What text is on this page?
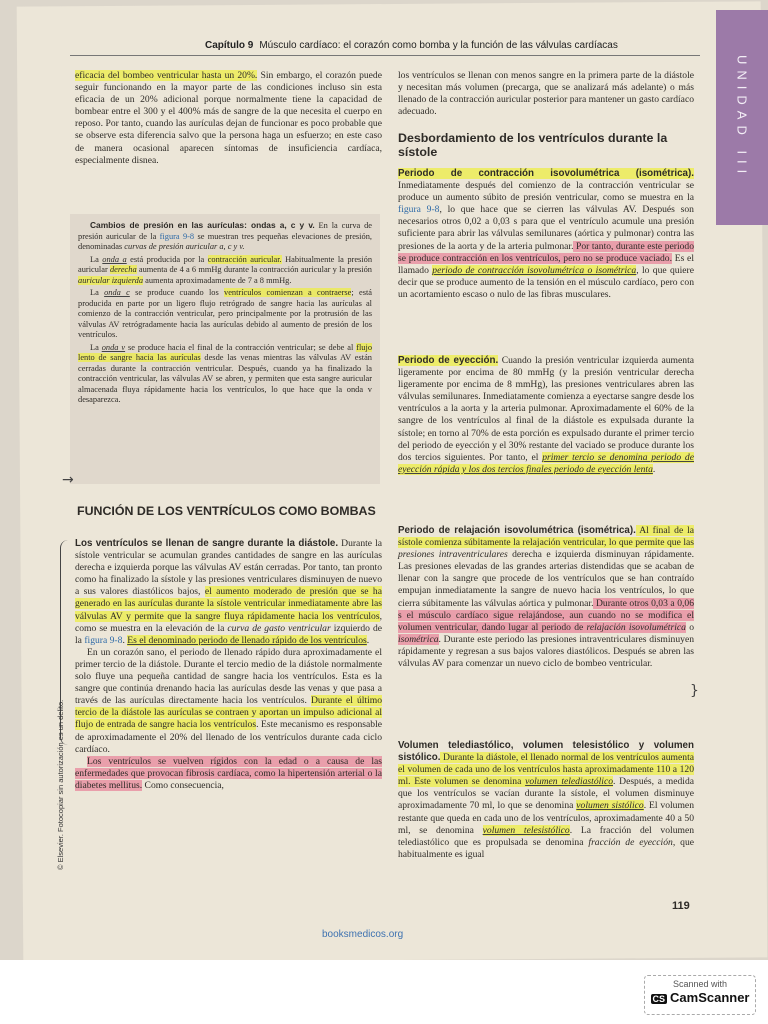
UNIDAD III
Capítulo 9 Músculo cardíaco: el corazón como bomba y la función de las válvulas cardíacas

eficacia del bombeo ventricular hasta un 20%. Sin embargo, el corazón puede seguir funcionando en la mayor parte de las condiciones incluso sin esta eficacia de un 20% adicional porque normalmente tiene la capacidad de bombear entre el 300 y el 400% más de sangre de la que necesita el cuerpo en reposo. Por tanto, cuando las aurículas dejan de funcionar es poco probable que se observe esta diferencia salvo que la persona haga un esfuerzo; en este caso de manera ocasional aparecen síntomas de insuficiencia cardíaca, especialmente disnea.

Cambios de presión en las aurículas: ondas a, c y v. En la curva de presión auricular de la figura 9-8 se muestran tres pequeñas elevaciones de presión, denominadas curvas de presión auricular a, c y v.

La onda a está producida por la contracción auricular. Habitualmente la presión auricular derecha aumenta de 4 a 6 mmHg durante la contracción auricular y la presión auricular izquierda aumenta aproximadamente de 7 a 8 mmHg.

La onda c se produce cuando los ventrículos comienzan a contraerse; está producida en parte por un ligero flujo retrógrado de sangre hacia las aurículas al comienzo de la contracción ventricular, pero principalmente por la protrusión de las válvulas AV retrógradamente hacia las aurículas debido al aumento de presión de los ventrículos.

La onda v se produce hacia el final de la contracción ventricular; se debe al flujo lento de sangre hacia las aurículas desde las venas mientras las válvulas AV están cerradas durante la contracción ventricular. Después, cuando ya ha finalizado la contracción ventricular, las válvulas AV se abren, y permiten que esta sangre auricular almacenada fluya rápidamente hacia los ventrículos, lo que hace que la onda v desaparezca.

→
FUNCIÓN DE LOS VENTRÍCULOS COMO BOMBAS

Los ventrículos se llenan de sangre durante la diástole. Durante la sístole ventricular se acumulan grandes cantidades de sangre en las aurículas derecha e izquierda porque las válvulas AV están cerradas. Por tanto, tan pronto como ha finalizado la sístole y las presiones ventriculares disminuyen de nuevo a sus valores diastólicos bajos, el aumento moderado de presión que se ha generado en las aurículas durante la sístole ventricular inmediatamente abre las válvulas AV y permite que la sangre fluya rápidamente hacia los ventrículos, como se muestra en la elevación de la curva de gasto ventricular izquierdo de la figura 9-8. Es el denominado periodo de llenado rápido de los ventrículos.

En un corazón sano, el periodo de llenado rápido dura aproximadamente el primer tercio de la diástole. Durante el tercio medio de la diástole normalmente solo fluye una pequeña cantidad de sangre hacia los ventrículos. Esta es la sangre que continúa drenando hacia las aurículas desde las venas y que pasa a través de las aurículas directamente hacia los ventrículos. Durante el último tercio de la diástole las aurículas se contraen y aportan un impulso adicional al flujo de entrada de sangre hacia los ventrículos. Este mecanismo es responsable de aproximadamente el 20% del llenado de los ventrículos durante cada ciclo cardíaco.

Los ventrículos se vuelven rígidos con la edad o a causa de las enfermedades que provocan fibrosis cardíaca, como la hipertensión arterial o la diabetes mellitus. Como consecuencia,

los ventrículos se llenan con menos sangre en la primera parte de la diástole y necesitan más volumen (precarga, que se analizará más adelante) o más llenado de la contracción auricular posterior para mantener un gasto cardíaco adecuado.

Desbordamiento de los ventrículos durante la sístole

Periodo de contracción isovolumétrica (isométrica). Inmediatamente después del comienzo de la contracción ventricular se produce un aumento súbito de presión ventricular, como se muestra en la figura 9-8, lo que hace que se cierren las válvulas AV. Después son necesarios otros 0,02 a 0,03 s para que el ventrículo acumule una presión suficiente para abrir las válvulas semilunares (aórtica y pulmonar) contra las presiones de la aorta y de la arteria pulmonar. Por tanto, durante este periodo se produce contracción en los ventrículos, pero no se produce vaciado. Es el llamado periodo de contracción isovolumétrica o isométrica, lo que quiere decir que se produce aumento de la tensión en el músculo cardíaco, pero con un acortamiento escaso o nulo de las fibras musculares.

Periodo de eyección. Cuando la presión ventricular izquierda aumenta ligeramente por encima de 80 mmHg (y la presión ventricular derecha ligeramente por encima de 8 mmHg), las presiones ventriculares abren las válvulas semilunares. Inmediatamente comienza a eyectarse sangre desde los ventrículos a la aorta y la arteria pulmonar. Aproximadamente el 60% de la sangre de los ventrículos al final de la diástole es expulsada durante la sístole; en torno al 70% de esta porción es expulsado durante el primer tercio del periodo de eyección y el 30% restante del vaciado se produce durante los dos tercios siguientes. Por tanto, el primer tercio se denomina periodo de eyección rápida y los dos tercios finales periodo de eyección lenta.

Periodo de relajación isovolumétrica (isométrica). Al final de la sístole comienza súbitamente la relajación ventricular, lo que permite que las presiones intraventriculares derecha e izquierda disminuyan rápidamente. Las presiones elevadas de las grandes arterias distendidas que se acaban de llenar con la sangre que procede de los ventrículos que se han contraído empujan inmediatamente la sangre de nuevo hacia los ventrículos, lo que cierra súbitamente las válvulas aórtica y pulmonar. Durante otros 0,03 a 0,06 s el músculo cardíaco sigue relajándose, aun cuando no se modifica el volumen ventricular, dando lugar al periodo de relajación isovolumétrica o isométrica. Durante este periodo las presiones intraventriculares disminuyen rápidamente y regresan a sus bajos valores diastólicos. Después se abren las válvulas AV para comenzar un nuevo ciclo de bombeo ventricular.

}

Volumen telediastólico, volumen telesistólico y volumen sistólico. Durante la diástole, el llenado normal de los ventrículos aumenta el volumen de cada uno de los ventrículos hasta aproximadamente 110 a 120 ml. Este volumen se denomina volumen telediastólico. Después, a medida que los ventrículos se vacían durante la sístole, el volumen disminuye aproximadamente 70 ml, lo que se denomina volumen sistólico. El volumen restante que queda en cada uno de los ventrículos, aproximadamente 40 a 50 ml, se denomina volumen telesistólico. La fracción del volumen telediastólico que es propulsada se denomina fracción de eyección, que habitualmente es igual

119
booksmedicos.org
© Elsevier. Fotocopiar sin autorización es un delito.
Scanned with
CS CamScanner
